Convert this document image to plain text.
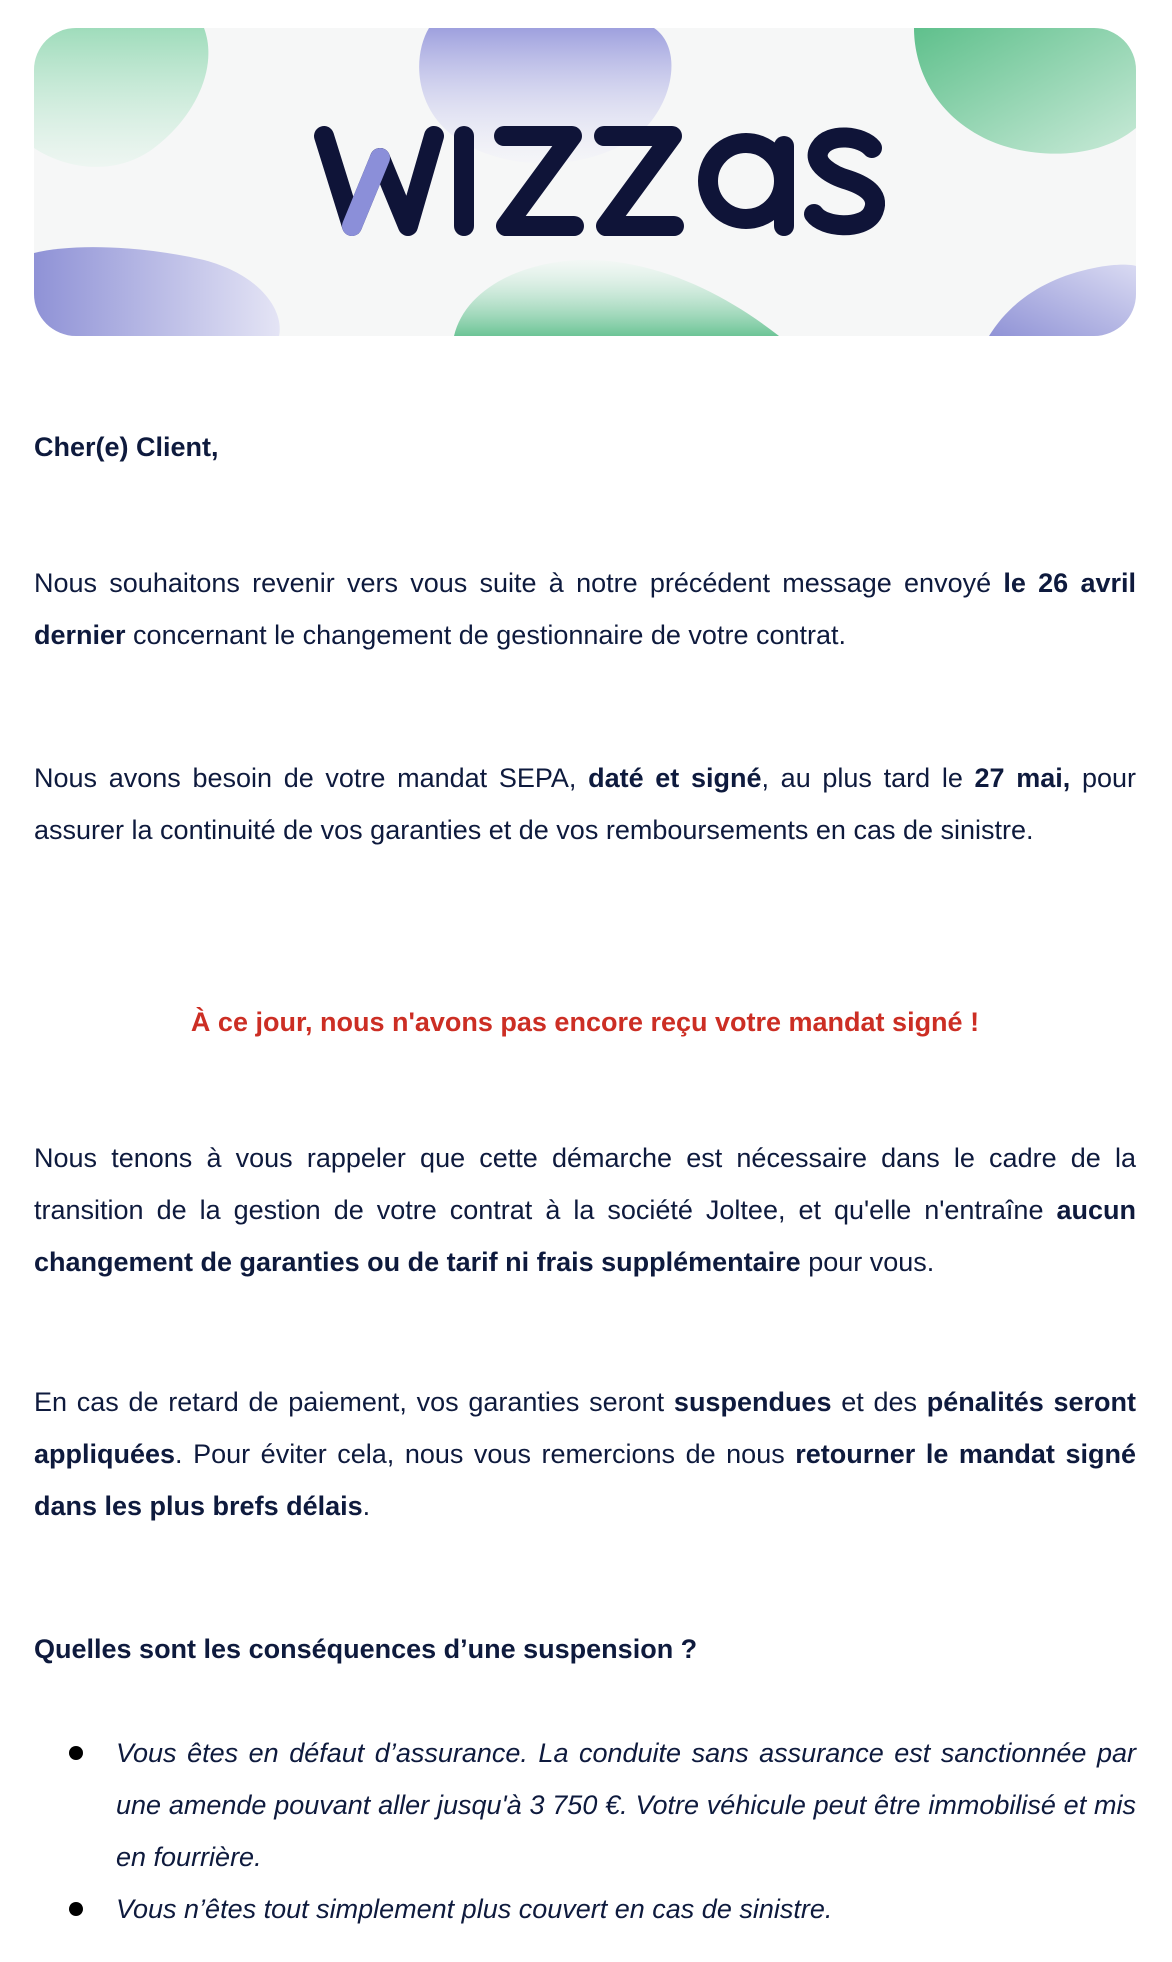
Cher(e) Client,

Nous souhaitons revenir vers vous suite à notre précédent message envoyé le 26 avril dernier concernant le changement de gestionnaire de votre contrat.

Nous avons besoin de votre mandat SEPA, daté et signé, au plus tard le 27 mai, pour assurer la continuité de vos garanties et de vos remboursements en cas de sinistre.

À ce jour, nous n'avons pas encore reçu votre mandat signé !

Nous tenons à vous rappeler que cette démarche est nécessaire dans le cadre de la transition de la gestion de votre contrat à la société Joltee, et qu'elle n'entraîne aucun changement de garanties ou de tarif ni frais supplémentaire pour vous.

En cas de retard de paiement, vos garanties seront suspendues et des pénalités seront appliquées. Pour éviter cela, nous vous remercions de nous retourner le mandat signé dans les plus brefs délais.

Quelles sont les conséquences d’une suspension ?

Vous êtes en défaut d’assurance. La conduite sans assurance est sanctionnée par une amende pouvant aller jusqu'à 3 750 €. Votre véhicule peut être immobilisé et mis en fourrière.
Vous n’êtes tout simplement plus couvert en cas de sinistre.
